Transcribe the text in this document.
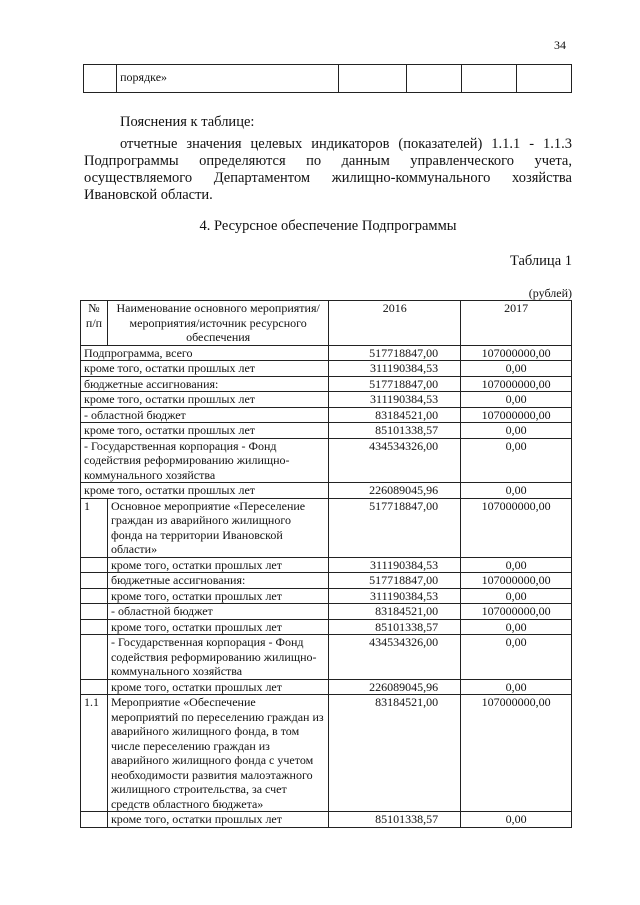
34
	порядке»				
Пояснения к таблице:
отчетные значения целевых индикаторов (показателей) 1.1.1 - 1.1.3 Подпрограммы определяются по данным управленческого учета, осуществляемого Департаментом жилищно-коммунального хозяйства Ивановской области.
4. Ресурсное обеспечение Подпрограммы
Таблица 1
(рублей)
№ п/п	Наименование основного мероприятия/мероприятия/источник ресурсного обеспечения	2016	2017
Подпрограмма, всего		517718847,00	107000000,00
кроме того, остатки прошлых лет		311190384,53	0,00
бюджетные ассигнования:		517718847,00	107000000,00
кроме того, остатки прошлых лет		311190384,53	0,00
- областной бюджет		83184521,00	107000000,00
кроме того, остатки прошлых лет		85101338,57	0,00
- Государственная корпорация - Фонд содействия реформированию жилищно-коммунального хозяйства		434534326,00	0,00
кроме того, остатки прошлых лет		226089045,96	0,00
1	Основное мероприятие «Переселение граждан из аварийного жилищного фонда на территории Ивановской области»	517718847,00	107000000,00
	кроме того, остатки прошлых лет	311190384,53	0,00
	бюджетные ассигнования:	517718847,00	107000000,00
	кроме того, остатки прошлых лет	311190384,53	0,00
	- областной бюджет	83184521,00	107000000,00
	кроме того, остатки прошлых лет	85101338,57	0,00
	- Государственная корпорация - Фонд содействия реформированию жилищно-коммунального хозяйства	434534326,00	0,00
	кроме того, остатки прошлых лет	226089045,96	0,00
1.1	Мероприятие «Обеспечение мероприятий по переселению граждан из аварийного жилищного фонда, в том числе переселению граждан из аварийного жилищного фонда с учетом необходимости развития малоэтажного жилищного строительства, за счет средств областного бюджета»	83184521,00	107000000,00
	кроме того, остатки прошлых лет	85101338,57	0,00
